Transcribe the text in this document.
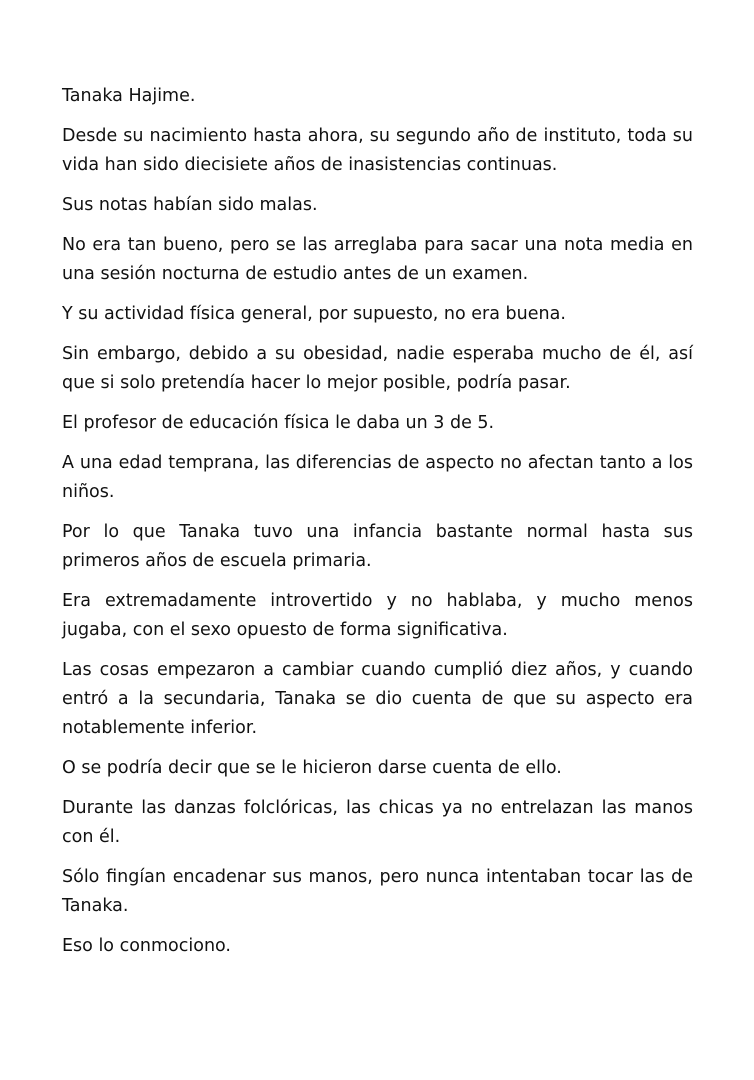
Tanaka Hajime.

Desde su nacimiento hasta ahora, su segundo año de instituto, toda su vida han sido diecisiete años de inasistencias continuas.

Sus notas habían sido malas.

No era tan bueno, pero se las arreglaba para sacar una nota media en una sesión nocturna de estudio antes de un examen.

Y su actividad física general, por supuesto, no era buena.

Sin embargo, debido a su obesidad, nadie esperaba mucho de él, así que si solo pretendía hacer lo mejor posible, podría pasar.

El profesor de educación física le daba un 3 de 5.

A una edad temprana, las diferencias de aspecto no afectan tanto a los niños.

Por lo que Tanaka tuvo una infancia bastante normal hasta sus primeros años de escuela primaria.

Era extremadamente introvertido y no hablaba, y mucho menos jugaba, con el sexo opuesto de forma significativa.

Las cosas empezaron a cambiar cuando cumplió diez años, y cuando entró a la secundaria, Tanaka se dio cuenta de que su aspecto era notablemente inferior.

O se podría decir que se le hicieron darse cuenta de ello.

Durante las danzas folclóricas, las chicas ya no entrelazan las manos con él.

Sólo fingían encadenar sus manos, pero nunca intentaban tocar las de Tanaka.

Eso lo conmociono.
